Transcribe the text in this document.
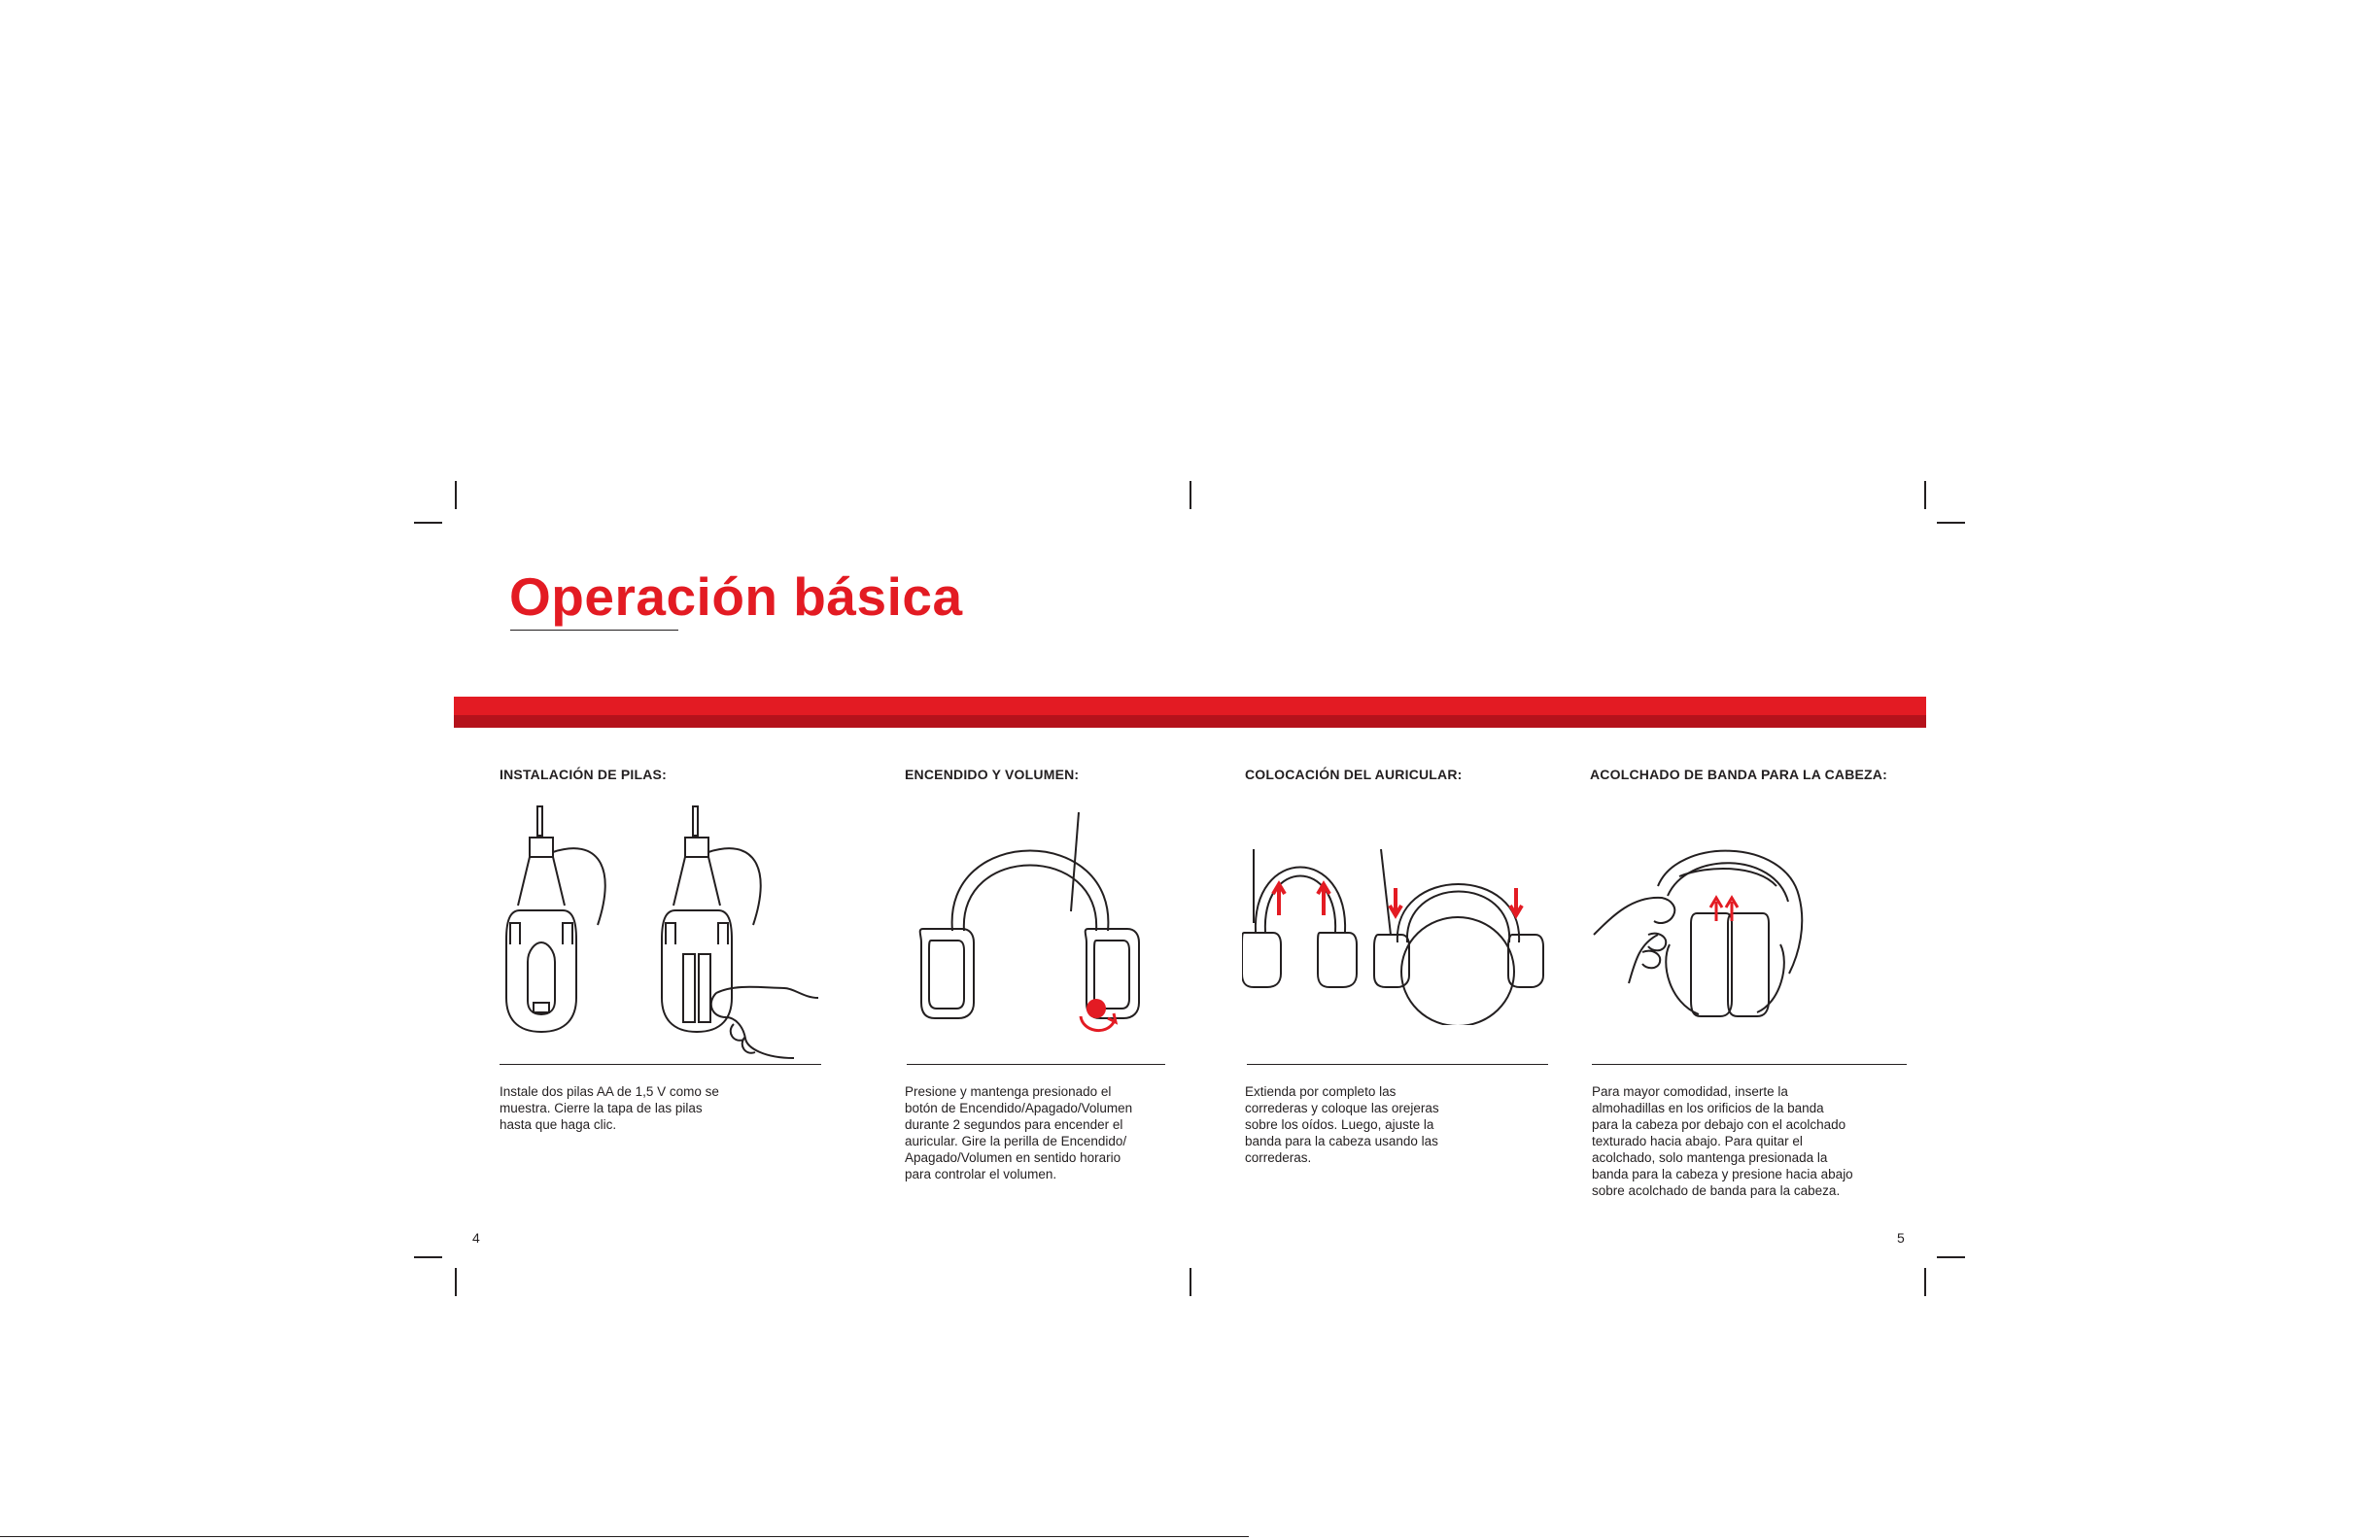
Operación básica
INSTALACIÓN DE PILAS:
Instale dos pilas AA de 1,5 V como se
muestra. Cierre la tapa de las pilas
hasta que haga clic.
ENCENDIDO Y VOLUMEN:
Presione y mantenga presionado el
botón de Encendido/Apagado/Volumen
durante 2 segundos para encender el
auricular. Gire la perilla de Encendido/
Apagado/Volumen en sentido horario
para controlar el volumen.
COLOCACIÓN DEL AURICULAR:
Extienda por completo las
correderas y coloque las orejeras
sobre los oídos. Luego, ajuste la
banda para la cabeza usando las
correderas.
ACOLCHADO DE BANDA PARA LA CABEZA:
Para mayor comodidad, inserte la
almohadillas en los orificios de la banda
para la cabeza por debajo con el acolchado
texturado hacia abajo. Para quitar el
acolchado, solo mantenga presionada la
banda para la cabeza y presione hacia abajo
sobre acolchado de banda para la cabeza.
4	5
